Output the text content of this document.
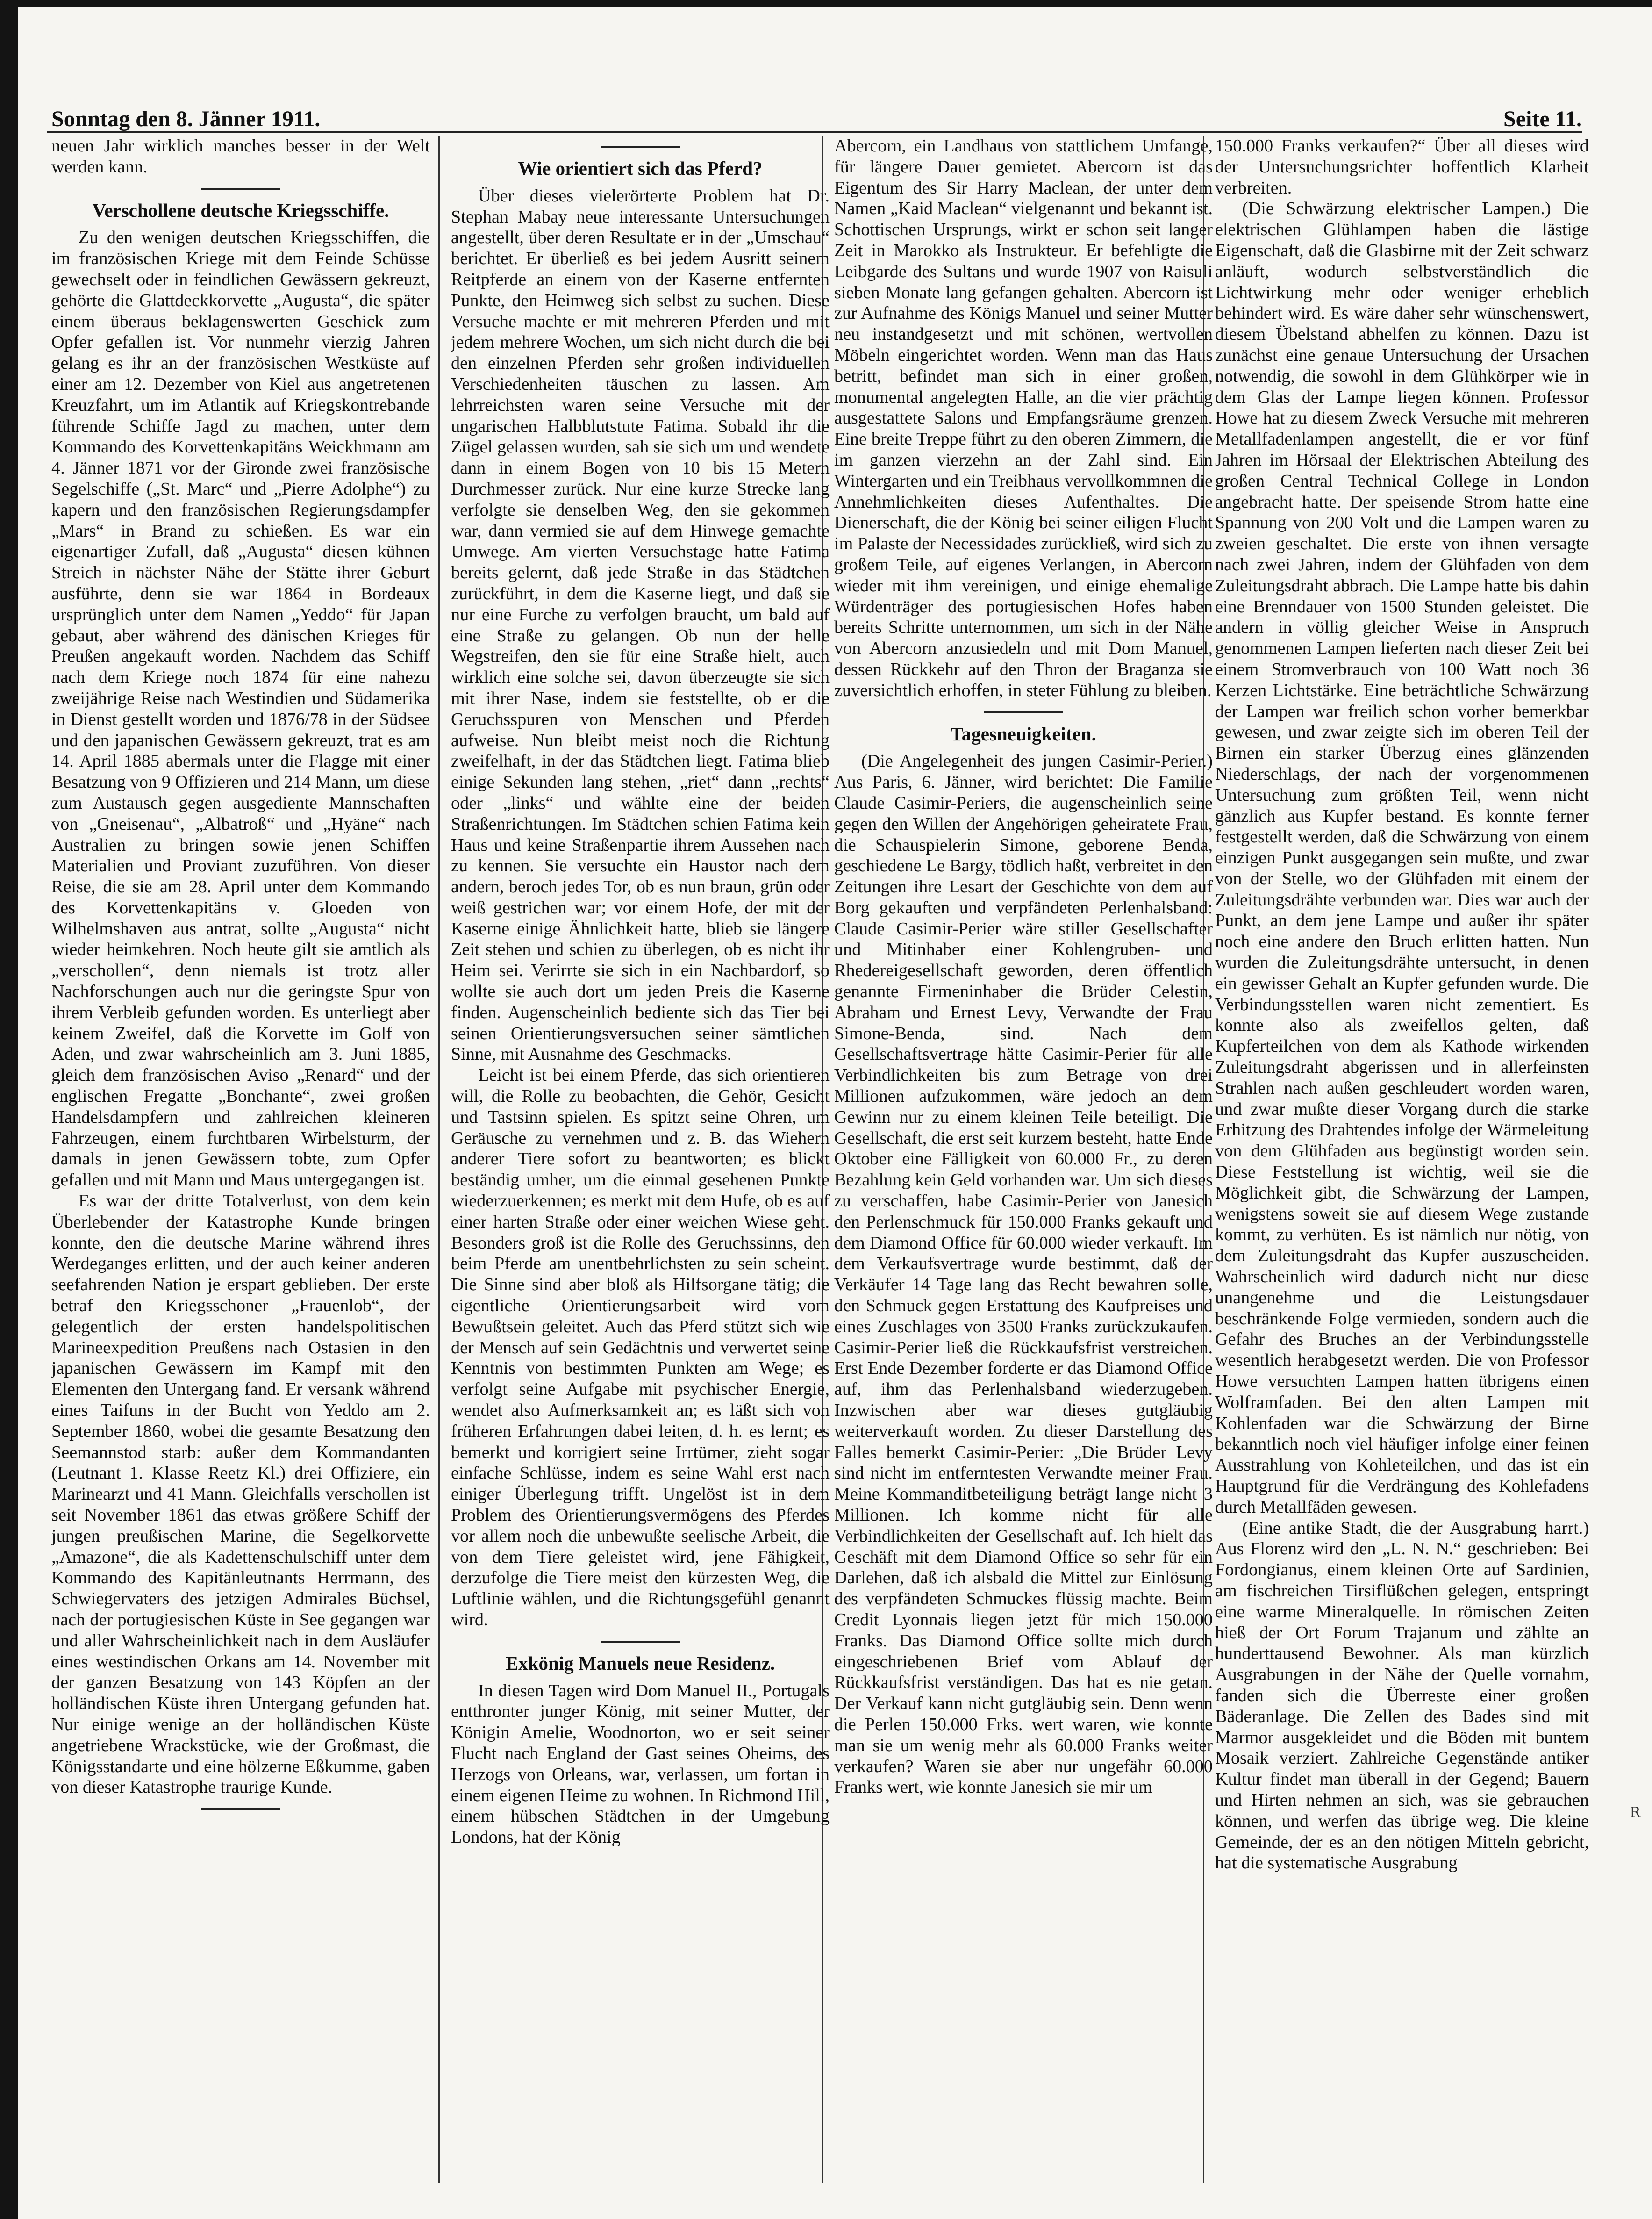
Sonntag den 8. Jänner 1911.	Seite 11.

neuen Jahr wirklich manches besser in der Welt werden kann.

Verschollene deutsche Kriegsschiffe.

Zu den wenigen deutschen Kriegsschiffen, die im französischen Kriege mit dem Feinde Schüsse gewechselt oder in feindlichen Gewässern gekreuzt, gehörte die Glattdeckkorvette „Augusta“, die später einem überaus beklagenswerten Geschick zum Opfer gefallen ist. Vor nunmehr vierzig Jahren gelang es ihr an der französischen Westküste auf einer am 12. Dezember von Kiel aus angetretenen Kreuzfahrt, um im Atlantik auf Kriegskontrebande führende Schiffe Jagd zu machen, unter dem Kommando des Korvettenkapitäns Weickhmann am 4. Jänner 1871 vor der Gironde zwei französische Segelschiffe („St. Marc“ und „Pierre Adolphe“) zu kapern und den französischen Regierungsdampfer „Mars“ in Brand zu schießen. Es war ein eigenartiger Zufall, daß „Augusta“ diesen kühnen Streich in nächster Nähe der Stätte ihrer Geburt ausführte, denn sie war 1864 in Bordeaux ursprünglich unter dem Namen „Yeddo“ für Japan gebaut, aber während des dänischen Krieges für Preußen angekauft worden. Nachdem das Schiff nach dem Kriege noch 1874 für eine nahezu zweijährige Reise nach Westindien und Südamerika in Dienst gestellt worden und 1876/78 in der Südsee und den japanischen Gewässern gekreuzt, trat es am 14. April 1885 abermals unter die Flagge mit einer Besatzung von 9 Offizieren und 214 Mann, um diese zum Austausch gegen ausgediente Mannschaften von „Gneisenau“, „Albatroß“ und „Hyäne“ nach Australien zu bringen sowie jenen Schiffen Materialien und Proviant zuzuführen. Von dieser Reise, die sie am 28. April unter dem Kommando des Korvettenkapitäns v. Gloeden von Wilhelmshaven aus antrat, sollte „Augusta“ nicht wieder heimkehren. Noch heute gilt sie amtlich als „verschollen“, denn niemals ist trotz aller Nachforschungen auch nur die geringste Spur von ihrem Verbleib gefunden worden. Es unterliegt aber keinem Zweifel, daß die Korvette im Golf von Aden, und zwar wahrscheinlich am 3. Juni 1885, gleich dem französischen Aviso „Renard“ und der englischen Fregatte „Bonchante“, zwei großen Handelsdampfern und zahlreichen kleineren Fahrzeugen, einem furchtbaren Wirbelsturm, der damals in jenen Gewässern tobte, zum Opfer gefallen und mit Mann und Maus untergegangen ist.

Es war der dritte Totalverlust, von dem kein Überlebender der Katastrophe Kunde bringen konnte, den die deutsche Marine während ihres Werdeganges erlitten, und der auch keiner anderen seefahrenden Nation je erspart geblieben. Der erste betraf den Kriegsschoner „Frauenlob“, der gelegentlich der ersten handelspolitischen Marineexpedition Preußens nach Ostasien in den japanischen Gewässern im Kampf mit den Elementen den Untergang fand. Er versank während eines Taifuns in der Bucht von Yeddo am 2. September 1860, wobei die gesamte Besatzung den Seemannstod starb: außer dem Kommandanten (Leutnant 1. Klasse Reetz Kl.) drei Offiziere, ein Marinearzt und 41 Mann. Gleichfalls verschollen ist seit November 1861 das etwas größere Schiff der jungen preußischen Marine, die Segelkorvette „Amazone“, die als Kadettenschulschiff unter dem Kommando des Kapitänleutnants Herrmann, des Schwiegervaters des jetzigen Admirales Büchsel, nach der portugiesischen Küste in See gegangen war und aller Wahrscheinlichkeit nach in dem Ausläufer eines westindischen Orkans am 14. November mit der ganzen Besatzung von 143 Köpfen an der holländischen Küste ihren Untergang gefunden hat. Nur einige wenige an der holländischen Küste angetriebene Wrackstücke, wie der Großmast, die Königsstandarte und eine hölzerne Eßkumme, gaben von dieser Katastrophe traurige Kunde.

Wie orientiert sich das Pferd?

Über dieses vielerörterte Problem hat Dr. Stephan Mabay neue interessante Untersuchungen angestellt, über deren Resultate er in der „Umschau“ berichtet. Er überließ es bei jedem Ausritt seinem Reitpferde an einem von der Kaserne entfernten Punkte, den Heimweg sich selbst zu suchen. Diese Versuche machte er mit mehreren Pferden und mit jedem mehrere Wochen, um sich nicht durch die bei den einzelnen Pferden sehr großen individuellen Verschiedenheiten täuschen zu lassen. Am lehrreichsten waren seine Versuche mit der ungarischen Halbblutstute Fatima. Sobald ihr die Zügel gelassen wurden, sah sie sich um und wendete dann in einem Bogen von 10 bis 15 Metern Durchmesser zurück. Nur eine kurze Strecke lang verfolgte sie denselben Weg, den sie gekommen war, dann vermied sie auf dem Hinwege gemachte Umwege. Am vierten Versuchstage hatte Fatima bereits gelernt, daß jede Straße in das Städtchen zurückführt, in dem die Kaserne liegt, und daß sie nur eine Furche zu verfolgen braucht, um bald auf eine Straße zu gelangen. Ob nun der helle Wegstreifen, den sie für eine Straße hielt, auch wirklich eine solche sei, davon überzeugte sie sich mit ihrer Nase, indem sie feststellte, ob er die Geruchsspuren von Menschen und Pferden aufweise. Nun bleibt meist noch die Richtung zweifelhaft, in der das Städtchen liegt. Fatima blieb einige Sekunden lang stehen, „riet“ dann „rechts“ oder „links“ und wählte eine der beiden Straßenrichtungen. Im Städtchen schien Fatima kein Haus und keine Straßenpartie ihrem Aussehen nach zu kennen. Sie versuchte ein Haustor nach dem andern, beroch jedes Tor, ob es nun braun, grün oder weiß gestrichen war; vor einem Hofe, der mit der Kaserne einige Ähnlichkeit hatte, blieb sie längere Zeit stehen und schien zu überlegen, ob es nicht ihr Heim sei. Verirrte sie sich in ein Nachbardorf, so wollte sie auch dort um jeden Preis die Kaserne finden. Augenscheinlich bediente sich das Tier bei seinen Orientierungsversuchen seiner sämtlichen Sinne, mit Ausnahme des Geschmacks.

Leicht ist bei einem Pferde, das sich orientieren will, die Rolle zu beobachten, die Gehör, Gesicht und Tastsinn spielen. Es spitzt seine Ohren, um Geräusche zu vernehmen und z. B. das Wiehern anderer Tiere sofort zu beantworten; es blickt beständig umher, um die einmal gesehenen Punkte wiederzuerkennen; es merkt mit dem Hufe, ob es auf einer harten Straße oder einer weichen Wiese geht. Besonders groß ist die Rolle des Geruchssinns, den beim Pferde am unentbehrlichsten zu sein scheint. Die Sinne sind aber bloß als Hilfsorgane tätig; die eigentliche Orientierungsarbeit wird vom Bewußtsein geleitet. Auch das Pferd stützt sich wie der Mensch auf sein Gedächtnis und verwertet seine Kenntnis von bestimmten Punkten am Wege; es verfolgt seine Aufgabe mit psychischer Energie, wendet also Aufmerksamkeit an; es läßt sich von früheren Erfahrungen dabei leiten, d. h. es lernt; es bemerkt und korrigiert seine Irrtümer, zieht sogar einfache Schlüsse, indem es seine Wahl erst nach einiger Überlegung trifft. Ungelöst ist in dem Problem des Orientierungsvermögens des Pferdes vor allem noch die unbewußte seelische Arbeit, die von dem Tiere geleistet wird, jene Fähigkeit, derzufolge die Tiere meist den kürzesten Weg, die Luftlinie wählen, und die Richtungsgefühl genannt wird.

Exkönig Manuels neue Residenz.

In diesen Tagen wird Dom Manuel II., Portugals entthronter junger König, mit seiner Mutter, der Königin Amelie, Woodnorton, wo er seit seiner Flucht nach England der Gast seines Oheims, des Herzogs von Orleans, war, verlassen, um fortan in einem eigenen Heime zu wohnen. In Richmond Hill, einem hübschen Städtchen in der Umgebung Londons, hat der König

Abercorn, ein Landhaus von stattlichem Umfange, für längere Dauer gemietet. Abercorn ist das Eigentum des Sir Harry Maclean, der unter dem Namen „Kaid Maclean“ vielgenannt und bekannt ist. Schottischen Ursprungs, wirkt er schon seit langer Zeit in Marokko als Instrukteur. Er befehligte die Leibgarde des Sultans und wurde 1907 von Raisuli sieben Monate lang gefangen gehalten. Abercorn ist zur Aufnahme des Königs Manuel und seiner Mutter neu instandgesetzt und mit schönen, wertvollen Möbeln eingerichtet worden. Wenn man das Haus betritt, befindet man sich in einer großen, monumental angelegten Halle, an die vier prächtig ausgestattete Salons und Empfangsräume grenzen. Eine breite Treppe führt zu den oberen Zimmern, die im ganzen vierzehn an der Zahl sind. Ein Wintergarten und ein Treibhaus vervollkommnen die Annehmlichkeiten dieses Aufenthaltes. Die Dienerschaft, die der König bei seiner eiligen Flucht im Palaste der Necessidades zurückließ, wird sich zu großem Teile, auf eigenes Verlangen, in Abercorn wieder mit ihm vereinigen, und einige ehemalige Würdenträger des portugiesischen Hofes haben bereits Schritte unternommen, um sich in der Nähe von Abercorn anzusiedeln und mit Dom Manuel, dessen Rückkehr auf den Thron der Braganza sie zuversichtlich erhoffen, in steter Fühlung zu bleiben.

Tagesneuigkeiten.

(Die Angelegenheit des jungen Casimir-Perier.) Aus Paris, 6. Jänner, wird berichtet: Die Familie Claude Casimir-Periers, die augenscheinlich seine gegen den Willen der Angehörigen geheiratete Frau, die Schauspielerin Simone, geborene Benda, geschiedene Le Bargy, tödlich haßt, verbreitet in den Zeitungen ihre Lesart der Geschichte von dem auf Borg gekauften und verpfändeten Perlenhalsband: Claude Casimir-Perier wäre stiller Gesellschafter und Mitinhaber einer Kohlengruben- und Rhedereigesellschaft geworden, deren öffentlich genannte Firmeninhaber die Brüder Celestin, Abraham und Ernest Levy, Verwandte der Frau Simone-Benda, sind. Nach dem Gesellschaftsvertrage hätte Casimir-Perier für alle Verbindlichkeiten bis zum Betrage von drei Millionen aufzukommen, wäre jedoch an dem Gewinn nur zu einem kleinen Teile beteiligt. Die Gesellschaft, die erst seit kurzem besteht, hatte Ende Oktober eine Fälligkeit von 60.000 Fr., zu deren Bezahlung kein Geld vorhanden war. Um sich dieses zu verschaffen, habe Casimir-Perier von Janesich den Perlenschmuck für 150.000 Franks gekauft und dem Diamond Office für 60.000 wieder verkauft. Im dem Verkaufsvertrage wurde bestimmt, daß der Verkäufer 14 Tage lang das Recht bewahren solle, den Schmuck gegen Erstattung des Kaufpreises und eines Zuschlages von 3500 Franks zurückzukaufen. Casimir-Perier ließ die Rückkaufsfrist verstreichen. Erst Ende Dezember forderte er das Diamond Office auf, ihm das Perlenhalsband wiederzugeben. Inzwischen aber war dieses gutgläubig weiterverkauft worden. Zu dieser Darstellung des Falles bemerkt Casimir-Perier: „Die Brüder Levy sind nicht im entferntesten Verwandte meiner Frau. Meine Kommanditbeteiligung beträgt lange nicht 3 Millionen. Ich komme nicht für alle Verbindlichkeiten der Gesellschaft auf. Ich hielt das Geschäft mit dem Diamond Office so sehr für ein Darlehen, daß ich alsbald die Mittel zur Einlösung des verpfändeten Schmuckes flüssig machte. Beim Credit Lyonnais liegen jetzt für mich 150.000 Franks. Das Diamond Office sollte mich durch eingeschriebenen Brief vom Ablauf der Rückkaufsfrist verständigen. Das hat es nie getan. Der Verkauf kann nicht gutgläubig sein. Denn wenn die Perlen 150.000 Frks. wert waren, wie konnte man sie um wenig mehr als 60.000 Franks weiter verkaufen? Waren sie aber nur ungefähr 60.000 Franks wert, wie konnte Janesich sie mir um

150.000 Franks verkaufen?“ Über all dieses wird der Untersuchungsrichter hoffentlich Klarheit verbreiten.

(Die Schwärzung elektrischer Lampen.) Die elektrischen Glühlampen haben die lästige Eigenschaft, daß die Glasbirne mit der Zeit schwarz anläuft, wodurch selbstverständlich die Lichtwirkung mehr oder weniger erheblich behindert wird. Es wäre daher sehr wünschenswert, diesem Übelstand abhelfen zu können. Dazu ist zunächst eine genaue Untersuchung der Ursachen notwendig, die sowohl in dem Glühkörper wie in dem Glas der Lampe liegen können. Professor Howe hat zu diesem Zweck Versuche mit mehreren Metallfadenlampen angestellt, die er vor fünf Jahren im Hörsaal der Elektrischen Abteilung des großen Central Technical College in London angebracht hatte. Der speisende Strom hatte eine Spannung von 200 Volt und die Lampen waren zu zweien geschaltet. Die erste von ihnen versagte nach zwei Jahren, indem der Glühfaden von dem Zuleitungsdraht abbrach. Die Lampe hatte bis dahin eine Brenndauer von 1500 Stunden geleistet. Die andern in völlig gleicher Weise in Anspruch genommenen Lampen lieferten nach dieser Zeit bei einem Stromverbrauch von 100 Watt noch 36 Kerzen Lichtstärke. Eine beträchtliche Schwärzung der Lampen war freilich schon vorher bemerkbar gewesen, und zwar zeigte sich im oberen Teil der Birnen ein starker Überzug eines glänzenden Niederschlags, der nach der vorgenommenen Untersuchung zum größten Teil, wenn nicht gänzlich aus Kupfer bestand. Es konnte ferner festgestellt werden, daß die Schwärzung von einem einzigen Punkt ausgegangen sein mußte, und zwar von der Stelle, wo der Glühfaden mit einem der Zuleitungsdrähte verbunden war. Dies war auch der Punkt, an dem jene Lampe und außer ihr später noch eine andere den Bruch erlitten hatten. Nun wurden die Zuleitungsdrähte untersucht, in denen ein gewisser Gehalt an Kupfer gefunden wurde. Die Verbindungsstellen waren nicht zementiert. Es konnte also als zweifellos gelten, daß Kupferteilchen von dem als Kathode wirkenden Zuleitungsdraht abgerissen und in allerfeinsten Strahlen nach außen geschleudert worden waren, und zwar mußte dieser Vorgang durch die starke Erhitzung des Drahtendes infolge der Wärmeleitung von dem Glühfaden aus begünstigt worden sein. Diese Feststellung ist wichtig, weil sie die Möglichkeit gibt, die Schwärzung der Lampen, wenigstens soweit sie auf diesem Wege zustande kommt, zu verhüten. Es ist nämlich nur nötig, von dem Zuleitungsdraht das Kupfer auszuscheiden. Wahrscheinlich wird dadurch nicht nur diese unangenehme und die Leistungsdauer beschränkende Folge vermieden, sondern auch die Gefahr des Bruches an der Verbindungsstelle wesentlich herabgesetzt werden. Die von Professor Howe versuchten Lampen hatten übrigens einen Wolframfaden. Bei den alten Lampen mit Kohlenfaden war die Schwärzung der Birne bekanntlich noch viel häufiger infolge einer feinen Ausstrahlung von Kohleteilchen, und das ist ein Hauptgrund für die Verdrängung des Kohlefadens durch Metallfäden gewesen.

(Eine antike Stadt, die der Ausgrabung harrt.) Aus Florenz wird den „L. N. N.“ geschrieben: Bei Fordongianus, einem kleinen Orte auf Sardinien, am fischreichen Tirsiflüßchen gelegen, entspringt eine warme Mineralquelle. In römischen Zeiten hieß der Ort Forum Trajanum und zählte an hunderttausend Bewohner. Als man kürzlich Ausgrabungen in der Nähe der Quelle vornahm, fanden sich die Überreste einer großen Bäderanlage. Die Zellen des Bades sind mit Marmor ausgekleidet und die Böden mit buntem Mosaik verziert. Zahlreiche Gegenstände antiker Kultur findet man überall in der Gegend; Bauern und Hirten nehmen an sich, was sie gebrauchen können, und werfen das übrige weg. Die kleine Gemeinde, der es an den nötigen Mitteln gebricht, hat die systematische Ausgrabung

R
